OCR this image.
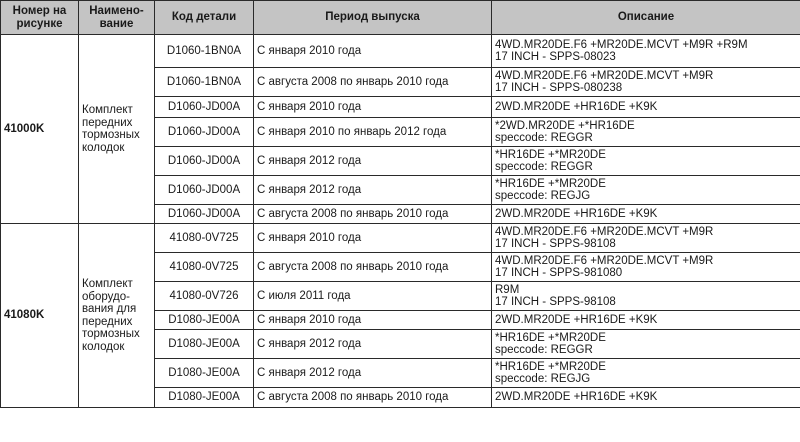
Номер на рисунке	Наимено-вание	Код детали	Период выпуска	Описание
41000K	Комплект передних тормозных колодок	D1060-1BN0A	С января 2010 года	4WD.MR20DE.F6 +MR20DE.MCVT +M9R +R9M
17 INCH - SPPS-08023
		D1060-1BN0A	С августа 2008 по январь 2010 года	4WD.MR20DE.F6 +MR20DE.MCVT +M9R
17 INCH - SPPS-080238
		D1060-JD00A	С января 2010 года	2WD.MR20DE +HR16DE +K9K
		D1060-JD00A	С января 2010 по январь 2012 года	*2WD.MR20DE +*HR16DE
speccode: REGGR
		D1060-JD00A	С января 2012 года	*HR16DE +*MR20DE
speccode: REGGR
		D1060-JD00A	С января 2012 года	*HR16DE +*MR20DE
speccode: REGJG
		D1060-JD00A	С августа 2008 по январь 2010 года	2WD.MR20DE +HR16DE +K9K
41080K	Комплект оборудо-вания для передних тормозных колодок	41080-0V725	С января 2010 года	4WD.MR20DE.F6 +MR20DE.MCVT +M9R
17 INCH - SPPS-98108
		41080-0V725	С августа 2008 по январь 2010 года	4WD.MR20DE.F6 +MR20DE.MCVT +M9R
17 INCH - SPPS-981080
		41080-0V726	С июля 2011 года	R9M
17 INCH - SPPS-98108
		D1080-JE00A	С января 2010 года	2WD.MR20DE +HR16DE +K9K
		D1080-JE00A	С января 2012 года	*HR16DE +*MR20DE
speccode: REGGR
		D1080-JE00A	С января 2012 года	*HR16DE +*MR20DE
speccode: REGJG
		D1080-JE00A	С августа 2008 по январь 2010 года	2WD.MR20DE +HR16DE +K9K
